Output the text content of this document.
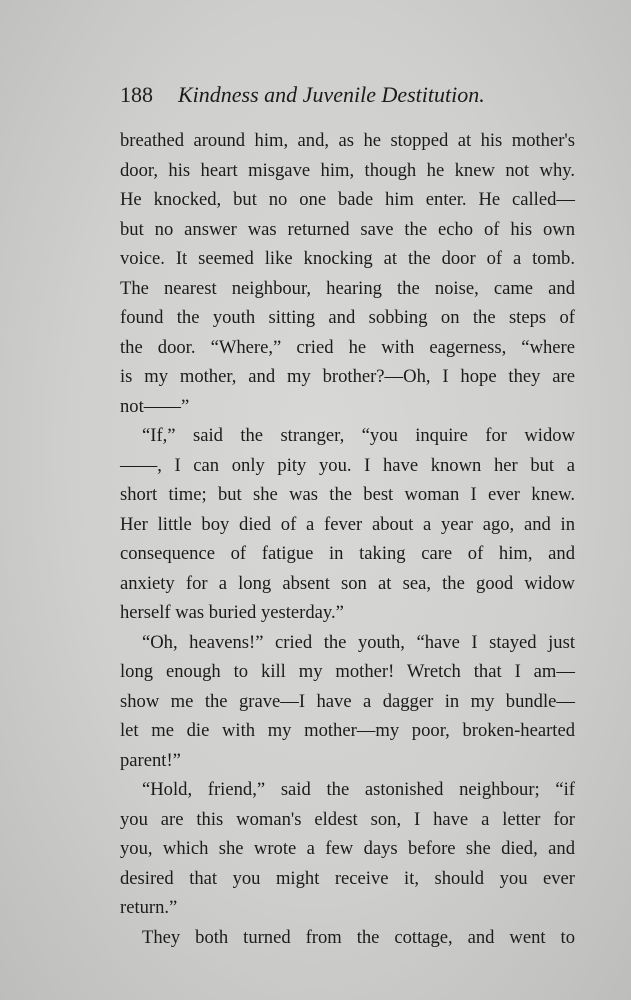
188 Kindness and Juvenile Destitution.
breathed around him, and, as he stopped at his mother's
door, his heart misgave him, though he knew not why.
He knocked, but no one bade him enter. He called—
but no answer was returned save the echo of his own
voice. It seemed like knocking at the door of a tomb.
The nearest neighbour, hearing the noise, came and
found the youth sitting and sobbing on the steps of
the door. “Where,” cried he with eagerness, “where
is my mother, and my brother?—Oh, I hope they are
not——”
“If,” said the stranger, “you inquire for widow
——, I can only pity you. I have known her but a
short time; but she was the best woman I ever knew.
Her little boy died of a fever about a year ago, and in
consequence of fatigue in taking care of him, and
anxiety for a long absent son at sea, the good widow
herself was buried yesterday.”
“Oh, heavens!” cried the youth, “have I stayed just
long enough to kill my mother! Wretch that I am—
show me the grave—I have a dagger in my bundle—
let me die with my mother—my poor, broken-hearted
parent!”
“Hold, friend,” said the astonished neighbour; “if
you are this woman's eldest son, I have a letter for
you, which she wrote a few days before she died, and
desired that you might receive it, should you ever
return.”
They both turned from the cottage, and went to
